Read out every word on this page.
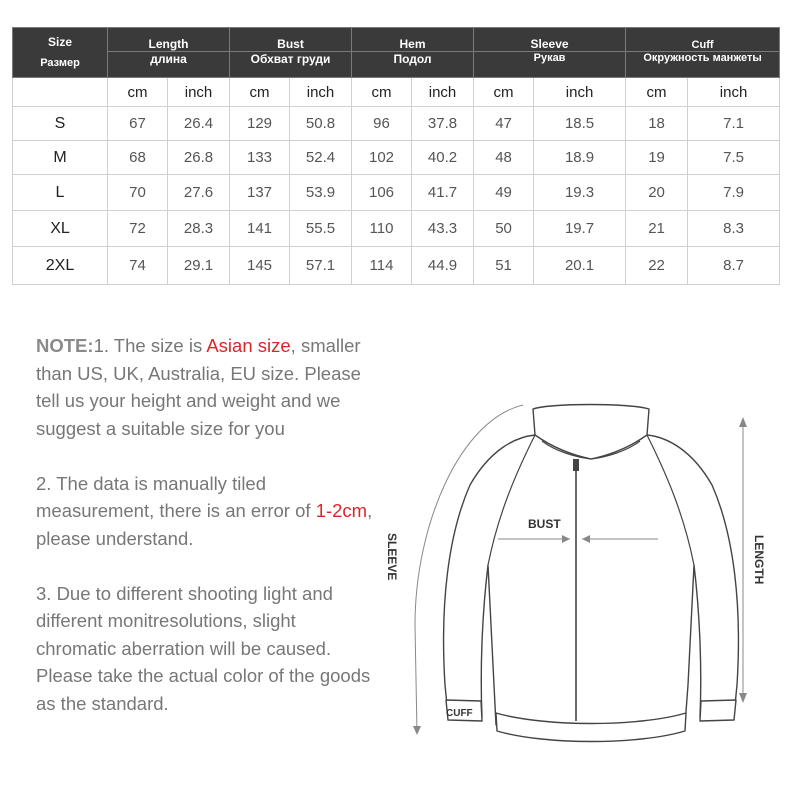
Size
Размер	Length		Bust		Hem		Sleeve		Cuff	
	длина		Обхват груди		Подол		Рукав		Окружность манжеты	
	cm	inch	cm	inch	cm	inch	cm	inch	cm	inch
S	67	26.4	129	50.8	96	37.8	47	18.5	18	7.1
M	68	26.8	133	52.4	102	40.2	48	18.9	19	7.5
L	70	27.6	137	53.9	106	41.7	49	19.3	20	7.9
XL	72	28.3	141	55.5	110	43.3	50	19.7	21	8.3
2XL	74	29.1	145	57.1	114	44.9	51	20.1	22	8.7

NOTE:1. The size is Asian size, smaller than US, UK, Australia, EU size. Please tell us your height and weight and we suggest a suitable size for you

2. The data is manually tiled measurement, there is an error of 1-2cm, please understand.

3. Due to different shooting light and different monitresolutions, slight chromatic aberration will be caused. Please take the actual color of the goods as the standard.

BUST
SLEEVE	LENGTH
CUFF
